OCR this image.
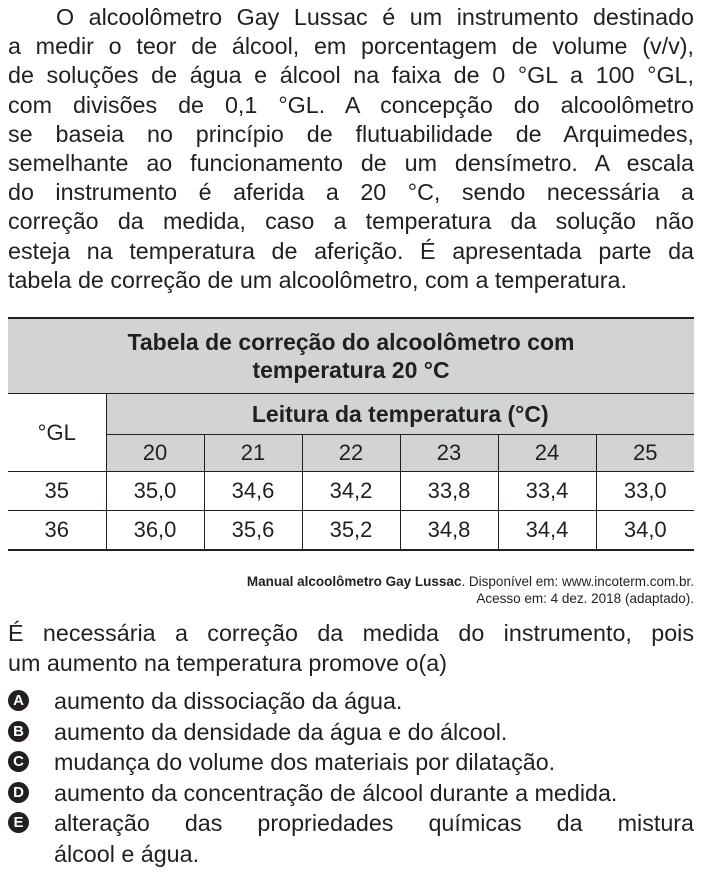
O alcoolômetro Gay Lussac é um instrumento destinado
a medir o teor de álcool, em porcentagem de volume (v/v),
de soluções de água e álcool na faixa de 0 °GL a 100 °GL,
com divisões de 0,1 °GL. A concepção do alcoolômetro
se baseia no princípio de flutuabilidade de Arquimedes,
semelhante ao funcionamento de um densímetro. A escala
do instrumento é aferida a 20 °C, sendo necessária a
correção da medida, caso a temperatura da solução não
esteja na temperatura de aferição. É apresentada parte da
tabela de correção de um alcoolômetro, com a temperatura.

Tabela de correção do alcoolômetro com
temperatura 20 °C						

°GL	Leitura da temperatura (°C)					
	20	21	22	23	24	25
35	35,0	34,6	34,2	33,8	33,4	33,0
36	36,0	35,6	35,2	34,8	34,4	34,0
Manual alcoolômetro Gay Lussac. Disponível em: www.incoterm.com.br.
Acesso em: 4 dez. 2018 (adaptado).

É necessária a correção da medida do instrumento, pois
um aumento na temperatura promove o(a)

A aumento da dissociação da água.
B aumento da densidade da água e do álcool.
C mudança do volume dos materiais por dilatação.
D aumento da concentração de álcool durante a medida.
E alteração das propriedades químicas da mistura
álcool e água.
